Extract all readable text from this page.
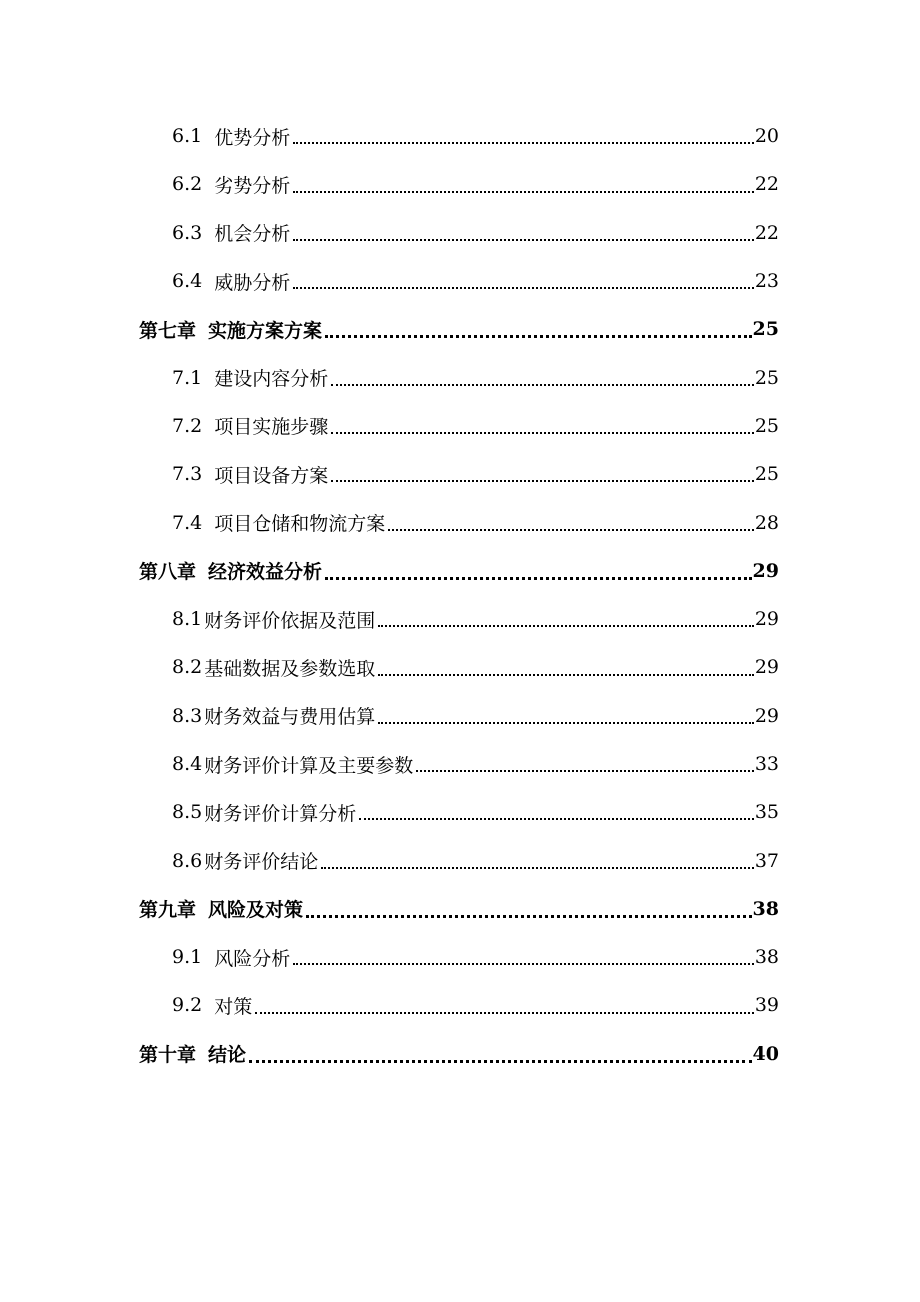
6.1 优势分析	20
6.2 劣势分析	22
6.3 机会分析	22
6.4 威胁分析	23
第七章 实施方案方案	25
7.1 建设内容分析	25
7.2 项目实施步骤	25
7.3 项目设备方案	25
7.4 项目仓储和物流方案	28
第八章 经济效益分析	29
8.1 财务评价依据及范围	29
8.2 基础数据及参数选取	29
8.3 财务效益与费用估算	29
8.4 财务评价计算及主要参数	33
8.5 财务评价计算分析	35
8.6 财务评价结论	37
第九章 风险及对策	38
9.1 风险分析	38
9.2 对策	39
第十章 结论	40
